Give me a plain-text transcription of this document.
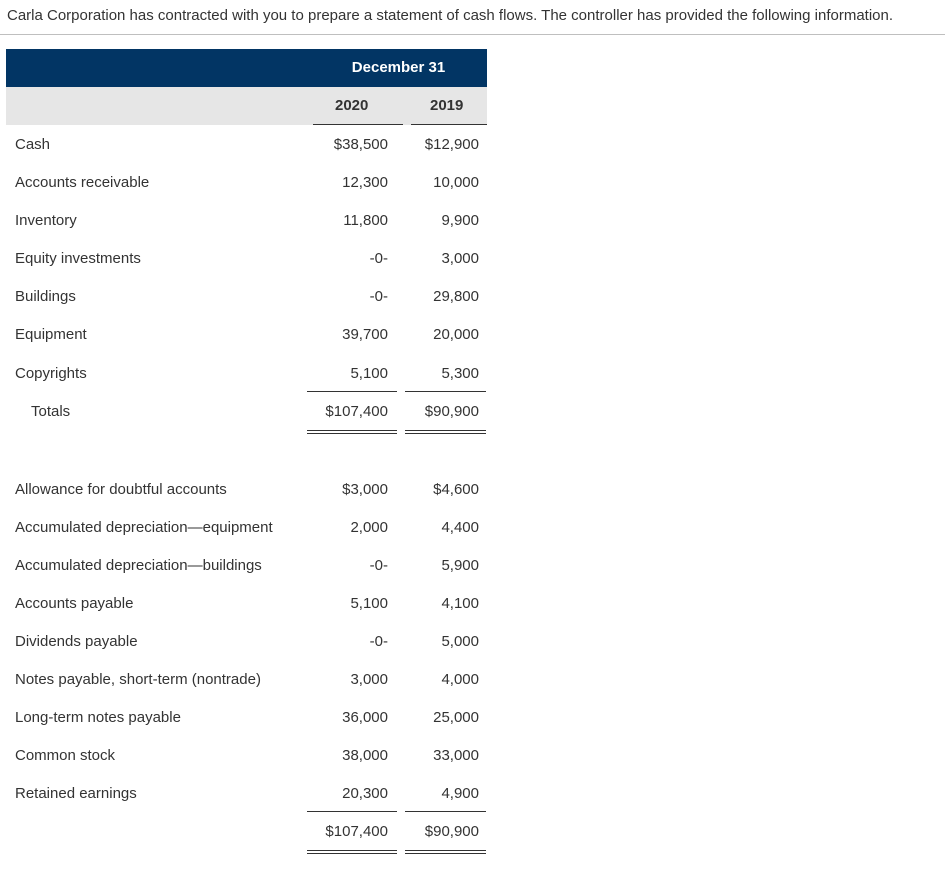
Carla Corporation has contracted with you to prepare a statement of cash flows. The controller has provided the following information.
December 31
2020	2019
Cash	$38,500 $12,900
Accounts receivable	12,300	10,000
Inventory	11,800	9,900
Equity investments	-0-	3,000
Buildings	-0-	29,800
Equipment	39,700	20,000
Copyrights	5,100	5,300
Totals	$107,400 $90,900
Allowance for doubtful accounts	$3,000	$4,600
Accumulated depreciation—equipment	2,000	4,400
Accumulated depreciation—buildings	-0-	5,900
Accounts payable	5,100	4,100
Dividends payable	-0-	5,000
Notes payable, short-term (nontrade)	3,000	4,000
Long-term notes payable	36,000	25,000
Common stock	38,000	33,000
Retained earnings	20,300	4,900
$107,400 $90,900
